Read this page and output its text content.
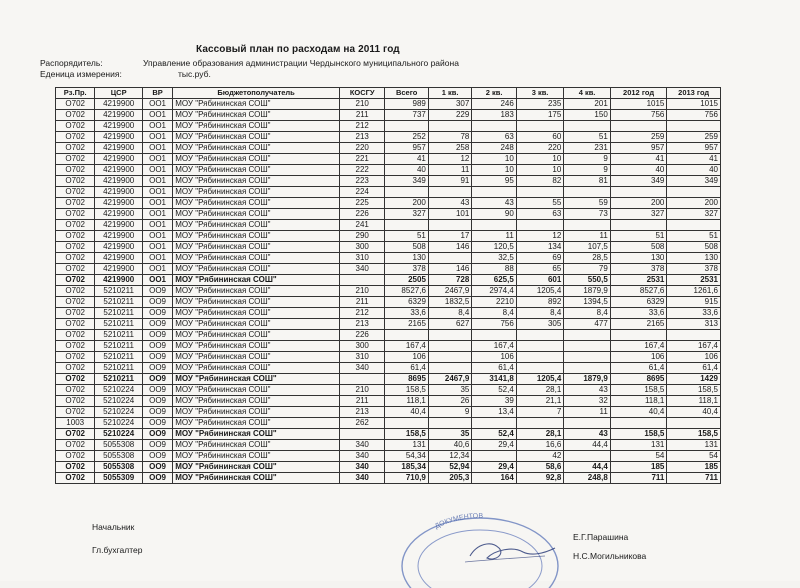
Кассовый план по расходам на 2011 год
Распорядитель:	Управление образования администрации Чердынского муниципального района
Еденица измерения:	тыс.руб.
Рз.Пр.	ЦСР	ВР	Бюджетополучатель	КОСГУ	Всего	1 кв.	2 кв.	3 кв.	4 кв.	2012 год	2013 год
О702	4219900	ОО1	МОУ "Рябининская СОШ"	210	989	307	246	235	201	1015	1015
О702	4219900	ОО1	МОУ "Рябининская СОШ"	211	737	229	183	175	150	756	756
О702	4219900	ОО1	МОУ "Рябининская СОШ"	212							
О702	4219900	ОО1	МОУ "Рябининская СОШ"	213	252	78	63	60	51	259	259
О702	4219900	ОО1	МОУ "Рябининская СОШ"	220	957	258	248	220	231	957	957
О702	4219900	ОО1	МОУ "Рябининская СОШ"	221	41	12	10	10	9	41	41
О702	4219900	ОО1	МОУ "Рябининская СОШ"	222	40	11	10	10	9	40	40
О702	4219900	ОО1	МОУ "Рябининская СОШ"	223	349	91	95	82	81	349	349
О702	4219900	ОО1	МОУ "Рябининская СОШ"	224							
О702	4219900	ОО1	МОУ "Рябининская СОШ"	225	200	43	43	55	59	200	200
О702	4219900	ОО1	МОУ "Рябининская СОШ"	226	327	101	90	63	73	327	327
О702	4219900	ОО1	МОУ "Рябининская СОШ"	241							
О702	4219900	ОО1	МОУ "Рябининская СОШ"	290	51	17	11	12	11	51	51
О702	4219900	ОО1	МОУ "Рябининская СОШ"	300	508	146	120,5	134	107,5	508	508
О702	4219900	ОО1	МОУ "Рябининская СОШ"	310	130		32,5	69	28,5	130	130
О702	4219900	ОО1	МОУ "Рябининская СОШ"	340	378	146	88	65	79	378	378
О702	4219900	ОО1	МОУ "Рябининская СОШ"		2505	728	625,5	601	550,5	2531	2531
О702	5210211	ОО9	МОУ "Рябининская СОШ"	210	8527,6	2467,9	2974,4	1205,4	1879,9	8527,6	1261,6
О702	5210211	ОО9	МОУ "Рябининская СОШ"	211	6329	1832,5	2210	892	1394,5	6329	915
О702	5210211	ОО9	МОУ "Рябининская СОШ"	212	33,6	8,4	8,4	8,4	8,4	33,6	33,6
О702	5210211	ОО9	МОУ "Рябининская СОШ"	213	2165	627	756	305	477	2165	313
О702	5210211	ОО9	МОУ "Рябининская СОШ"	226							
О702	5210211	ОО9	МОУ "Рябининская СОШ"	300	167,4		167,4			167,4	167,4
О702	5210211	ОО9	МОУ "Рябининская СОШ"	310	106		106			106	106
О702	5210211	ОО9	МОУ "Рябининская СОШ"	340	61,4		61,4			61,4	61,4
О702	5210211	ОО9	МОУ "Рябининская СОШ"		8695	2467,9	3141,8	1205,4	1879,9	8695	1429
О702	5210224	ОО9	МОУ "Рябининская СОШ"	210	158,5	35	52,4	28,1	43	158,5	158,5
О702	5210224	ОО9	МОУ "Рябининская СОШ"	211	118,1	26	39	21,1	32	118,1	118,1
О702	5210224	ОО9	МОУ "Рябининская СОШ"	213	40,4	9	13,4	7	11	40,4	40,4
1003	5210224	ОО9	МОУ "Рябининская СОШ"	262							
О702	5210224	ОО9	МОУ "Рябининская СОШ"		158,5	35	52,4	28,1	43	158,5	158,5
О702	5055308	ОО9	МОУ "Рябининская СОШ"	340	131	40,6	29,4	16,6	44,4	131	131
О702	5055308	ОО9	МОУ "Рябининская СОШ"	340	54,34	12,34		42		54	54
О702	5055308	ОО9	МОУ "Рябининская СОШ"	340	185,34	52,94	29,4	58,6	44,4	185	185
О702	5055309	ОО9	МОУ "Рябининская СОШ"	340	710,9	205,3	164	92,8	248,8	711	711
Начальник
Е.Г.Парашина
Гл.бухгалтер
Н.С.Могильникова
ДОКУМЕНТОВ
